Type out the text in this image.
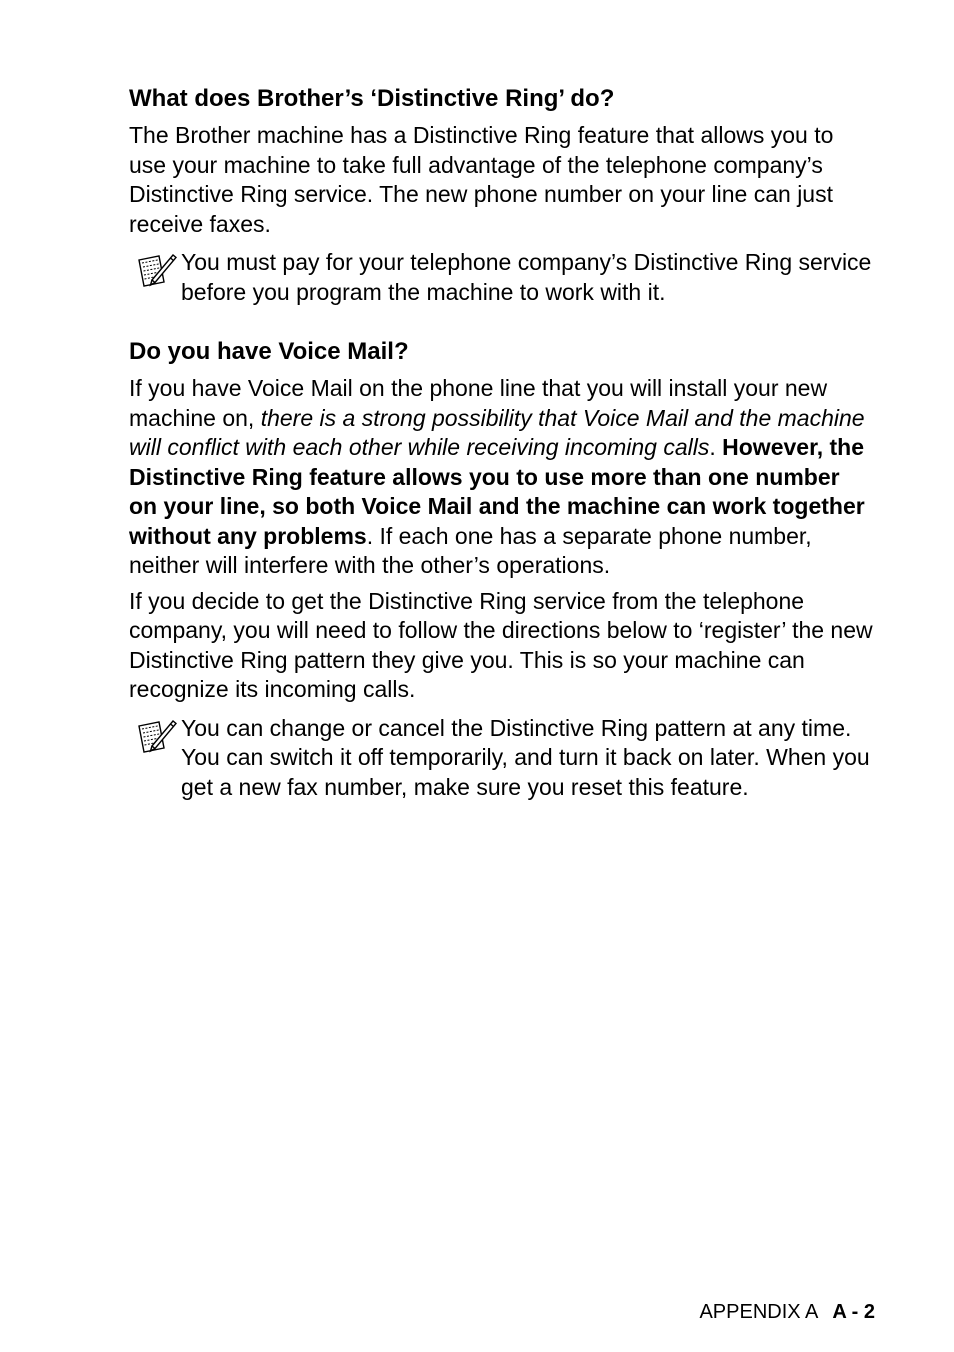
What does Brother’s ‘Distinctive Ring’ do?

The Brother machine has a Distinctive Ring feature that allows you to use your machine to take full advantage of the telephone company’s Distinctive Ring service. The new phone number on your line can just receive faxes.

You must pay for your telephone company’s Distinctive Ring service before you program the machine to work with it.
Do you have Voice Mail?

If you have Voice Mail on the phone line that you will install your new machine on, there is a strong possibility that Voice Mail and the machine will conflict with each other while receiving incoming calls. However, the Distinctive Ring feature allows you to use more than one number on your line, so both Voice Mail and the machine can work together without any problems. If each one has a separate phone number, neither will interfere with the other’s operations.

If you decide to get the Distinctive Ring service from the telephone company, you will need to follow the directions below to ‘register’ the new Distinctive Ring pattern they give you. This is so your machine can recognize its incoming calls.

You can change or cancel the Distinctive Ring pattern at any time. You can switch it off temporarily, and turn it back on later. When you get a new fax number, make sure you reset this feature.
APPENDIX A A - 2
